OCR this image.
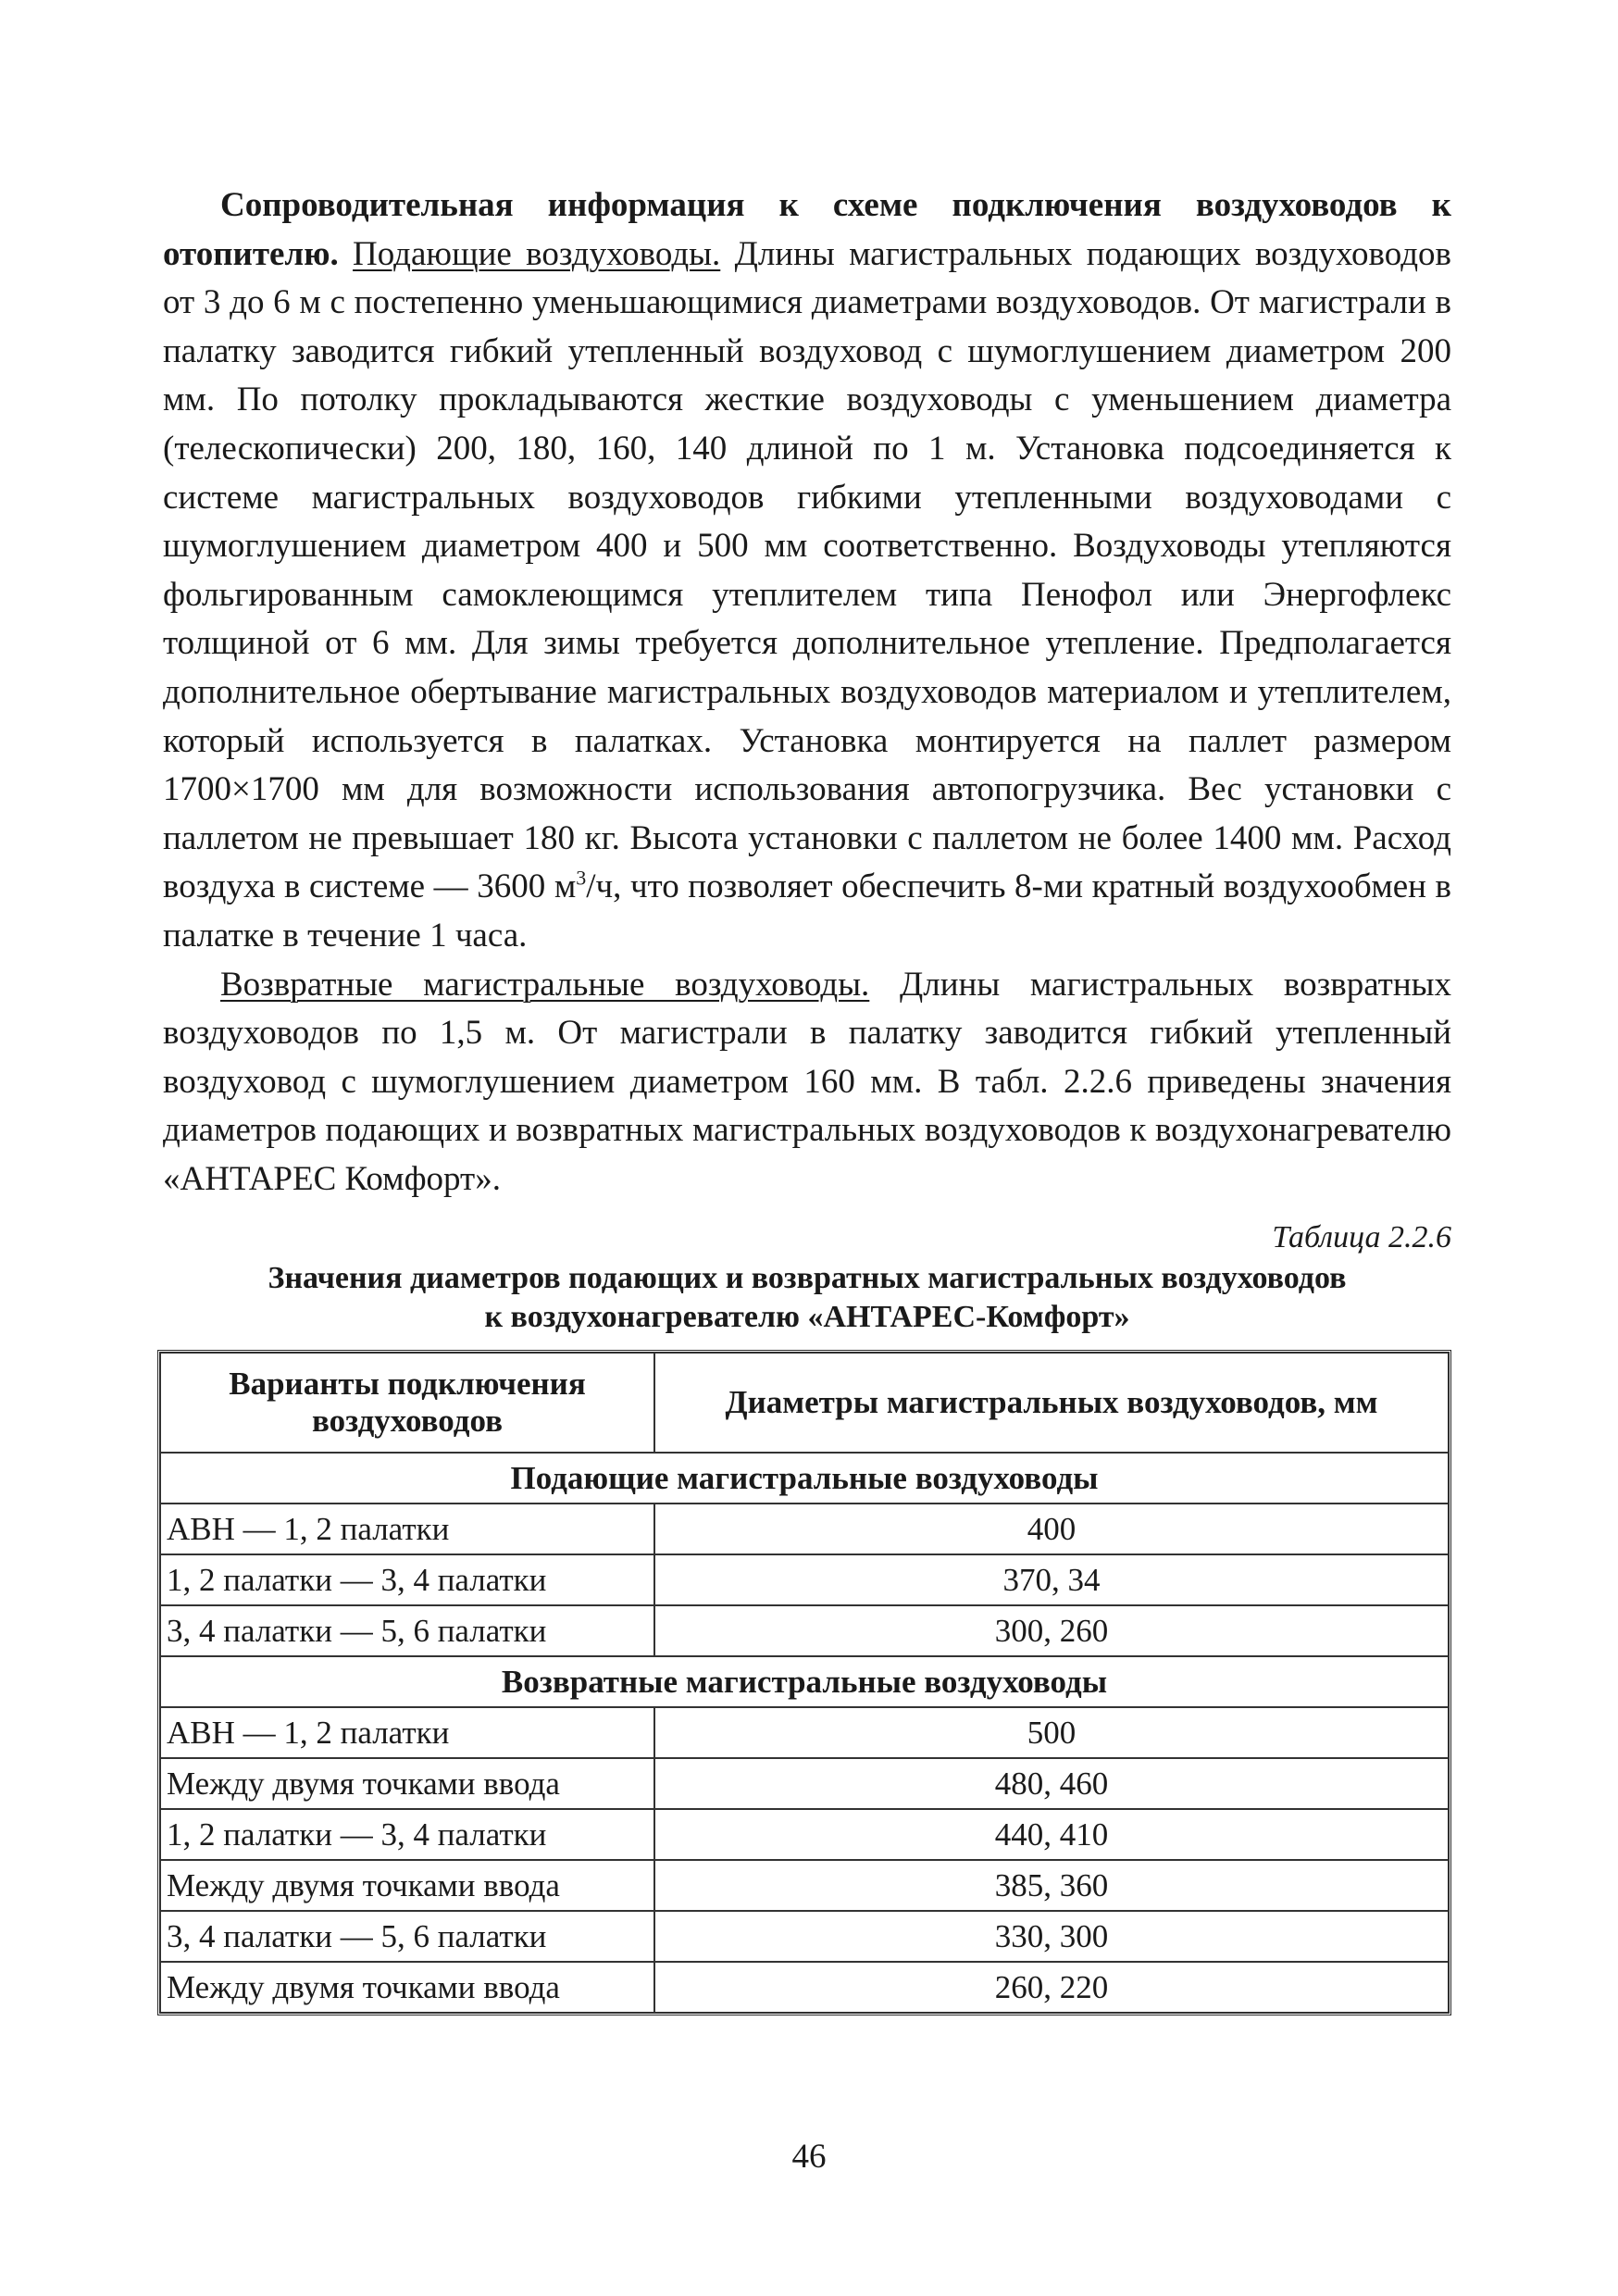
Сопроводительная информация к схеме подключения воздуховодов к отопителю. Подающие воздуховоды. Длины магистральных подающих воздуховодов от 3 до 6 м с постепенно уменьшающимися диаметрами воздуховодов. От магистрали в палатку заводится гибкий утепленный воздуховод с шумоглушением диаметром 200 мм. По потолку прокладываются жесткие воздуховоды с уменьшением диаметра (телескопически) 200, 180, 160, 140 длиной по 1 м. Установка подсоединяется к системе магистральных воздуховодов гибкими утепленными воздуховодами с шумоглушением диаметром 400 и 500 мм соответственно. Воздуховоды утепляются фольгированным самоклеющимся утеплителем типа Пенофол или Энергофлекс толщиной от 6 мм. Для зимы требуется дополнительное утепление. Предполагается дополнительное обертывание магистральных воздуховодов материалом и утеплителем, который используется в палатках. Установка монтируется на паллет размером 1700×1700 мм для возможности использования автопогрузчика. Вес установки с паллетом не превышает 180 кг. Высота установки с паллетом не более 1400 мм. Расход воздуха в системе — 3600 $м^3/ч$, что позволяет обеспечить 8-ми кратный воздухообмен в палатке в течение 1 часа.

Возвратные магистральные воздуховоды. Длины магистральных возвратных воздуховодов по 1,5 м. От магистрали в палатку заводится гибкий утепленный воздуховод с шумоглушением диаметром 160 мм. В табл. 2.2.6 приведены значения диаметров подающих и возвратных магистральных воздуховодов к воздухонагревателю «АНТАРЕС Комфорт».

Таблица 2.2.6
Значения диаметров подающих и возвратных магистральных воздуховодов
к воздухонагревателю «АНТАРЕС-Комфорт»
Варианты подключения воздуховодов	Диаметры магистральных воздуховодов, мм
Подающие магистральные воздуховоды	
АВН — 1, 2 палатки	400
1, 2 палатки — 3, 4 палатки	370, 34
3, 4 палатки — 5, 6 палатки	300, 260
Возвратные магистральные воздуховоды	
АВН — 1, 2 палатки	500
Между двумя точками ввода	480, 460
1, 2 палатки — 3, 4 палатки	440, 410
Между двумя точками ввода	385, 360
3, 4 палатки — 5, 6 палатки	330, 300
Между двумя точками ввода	260, 220
46
